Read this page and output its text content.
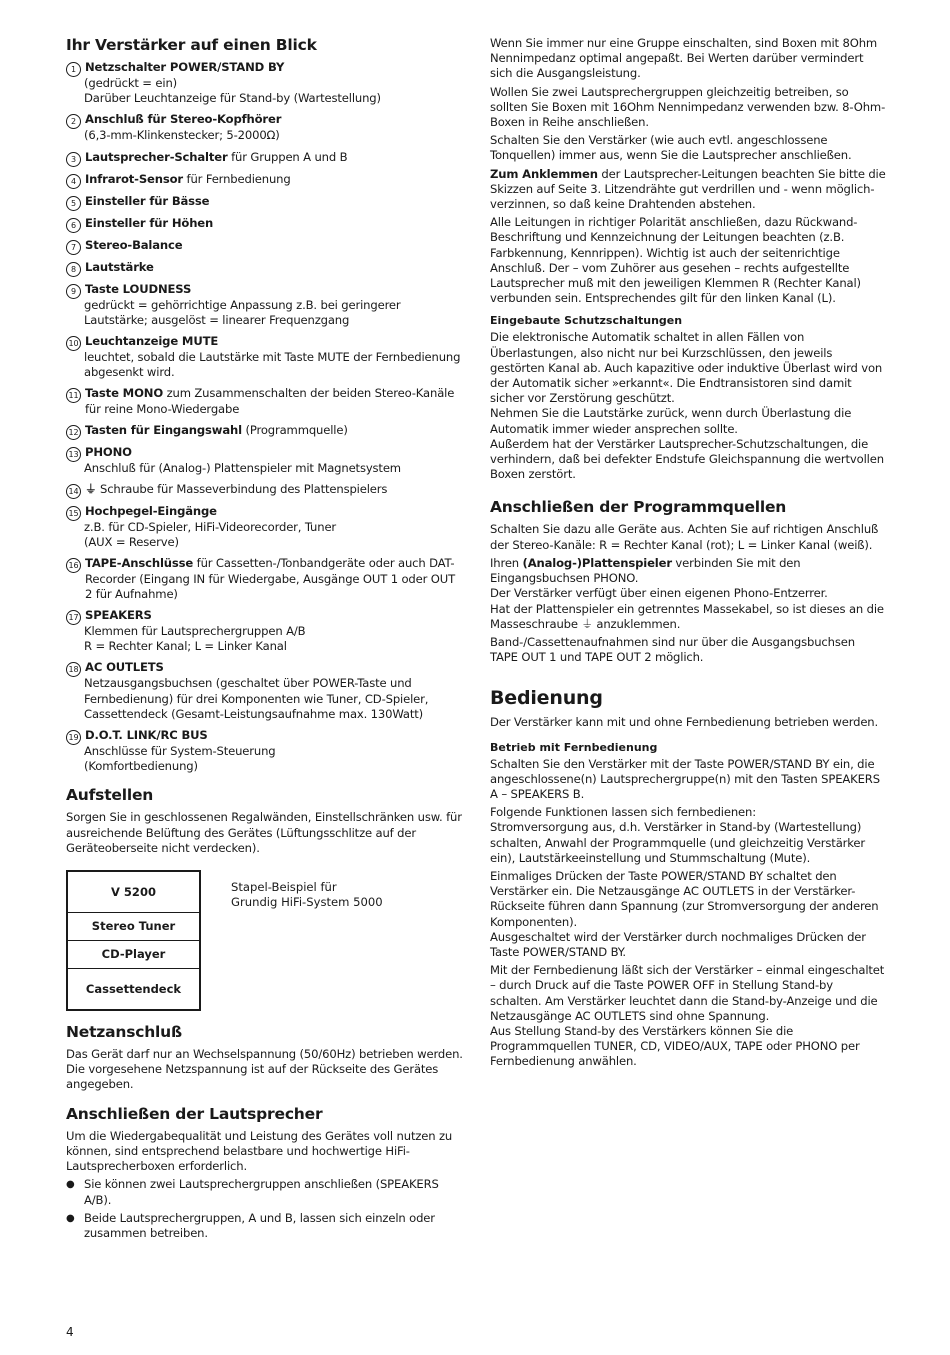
Ihr Verstärker auf einen Blick
1 Netzschalter POWER/STAND BY
(gedrückt = ein)
Darüber Leuchtanzeige für Stand-by (Wartestellung)
2 Anschluß für Stereo-Kopfhörer
(6,3-mm-Klinkenstecker; 5-2000Ω)
3 Lautsprecher-Schalter für Gruppen A und B
4 Infrarot-Sensor für Fernbedienung
5 Einsteller für Bässe
6 Einsteller für Höhen
7 Stereo-Balance
8 Lautstärke
9 Taste LOUDNESS
gedrückt = gehörrichtige Anpassung z.B. bei geringerer Lautstärke; ausgelöst = linearer Frequenzgang
10 Leuchtanzeige MUTE
leuchtet, sobald die Lautstärke mit Taste MUTE der Fernbedienung abgesenkt wird.
11 Taste MONO zum Zusammenschalten der beiden Stereo-Kanäle für reine Mono-Wiedergabe
12 Tasten für Eingangswahl (Programmquelle)
13 PHONO
Anschluß für (Analog-) Plattenspieler mit Magnetsystem
14 ⏚ Schraube für Masseverbindung des Plattenspielers
15 Hochpegel-Eingänge
z.B. für CD-Spieler, HiFi-Videorecorder, Tuner
(AUX = Reserve)
16 TAPE-Anschlüsse für Cassetten-/Tonbandgeräte oder auch DAT-Recorder (Eingang IN für Wiedergabe, Ausgänge OUT 1 oder OUT 2 für Aufnahme)
17 SPEAKERS
Klemmen für Lautsprechergruppen A/B
R = Rechter Kanal; L = Linker Kanal
18 AC OUTLETS
Netzausgangsbuchsen (geschaltet über POWER-Taste und Fernbedienung) für drei Komponenten wie Tuner, CD-Spieler, Cassettendeck (Gesamt-Leistungsaufnahme max. 130Watt)
19 D.O.T. LINK/RC BUS
Anschlüsse für System-Steuerung
(Komfortbedienung)
Aufstellen

Sorgen Sie in geschlossenen Regalwänden, Einstellschränken usw. für ausreichende Belüftung des Gerätes (Lüftungsschlitze auf der Geräteoberseite nicht verdecken).

V 5200
Stereo Tuner
CD-Player
Cassettendeck
Stapel-Beispiel für
Grundig HiFi-System 5000
Netzanschluß

Das Gerät darf nur an Wechselspannung (50/60Hz) betrieben werden. Die vorgesehene Netzspannung ist auf der Rückseite des Gerätes angegeben.

Anschließen der Lautsprecher

Um die Wiedergabequalität und Leistung des Gerätes voll nutzen zu können, sind entsprechend belastbare und hochwertige HiFi-Lautsprecherboxen erforderlich.

● Sie können zwei Lautsprechergruppen anschließen (SPEAKERS A/B).
● Beide Lautsprechergruppen, A und B, lassen sich einzeln oder zusammen betreiben.

Wenn Sie immer nur eine Gruppe einschalten, sind Boxen mit 8Ohm Nennimpedanz optimal angepaßt. Bei Werten darüber vermindert sich die Ausgangsleistung.

Wollen Sie zwei Lautsprechergruppen gleichzeitig betreiben, so sollten Sie Boxen mit 16Ohm Nennimpedanz verwenden bzw. 8-Ohm-Boxen in Reihe anschließen.

Schalten Sie den Verstärker (wie auch evtl. angeschlossene Tonquellen) immer aus, wenn Sie die Lautsprecher anschließen.

Zum Anklemmen der Lautsprecher-Leitungen beachten Sie bitte die Skizzen auf Seite 3. Litzendrähte gut verdrillen und - wenn möglich- verzinnen, so daß keine Drahtenden abstehen.

Alle Leitungen in richtiger Polarität anschließen, dazu Rückwand-Beschriftung und Kennzeichnung der Leitungen beachten (z.B. Farbkennung, Kennrippen). Wichtig ist auch der seitenrichtige Anschluß. Der – vom Zuhörer aus gesehen – rechts aufgestellte Lautsprecher muß mit den jeweiligen Klemmen R (Rechter Kanal) verbunden sein. Entsprechendes gilt für den linken Kanal (L).

Eingebaute Schutzschaltungen

Die elektronische Automatik schaltet in allen Fällen von Überlastungen, also nicht nur bei Kurzschlüssen, den jeweils gestörten Kanal ab. Auch kapazitive oder induktive Überlast wird von der Automatik sicher »erkannt«. Die Endtransistoren sind damit sicher vor Zerstörung geschützt.
Nehmen Sie die Lautstärke zurück, wenn durch Überlastung die Automatik immer wieder ansprechen sollte.
Außerdem hat der Verstärker Lautsprecher-Schutzschaltungen, die verhindern, daß bei defekter Endstufe Gleichspannung die wertvollen Boxen zerstört.

Anschließen der Programmquellen

Schalten Sie dazu alle Geräte aus. Achten Sie auf richtigen Anschluß der Stereo-Kanäle: R = Rechter Kanal (rot); L = Linker Kanal (weiß).

Ihren (Analog-)Plattenspieler verbinden Sie mit den Eingangsbuchsen PHONO.
Der Verstärker verfügt über einen eigenen Phono-Entzerrer.
Hat der Plattenspieler ein getrenntes Massekabel, so ist dieses an die Masseschraube ⏚ anzuklemmen.

Band-/Cassettenaufnahmen sind nur über die Ausgangsbuchsen TAPE OUT 1 und TAPE OUT 2 möglich.

Bedienung

Der Verstärker kann mit und ohne Fernbedienung betrieben werden.

Betrieb mit Fernbedienung

Schalten Sie den Verstärker mit der Taste POWER/STAND BY ein, die angeschlossene(n) Lautsprechergruppe(n) mit den Tasten SPEAKERS A – SPEAKERS B.

Folgende Funktionen lassen sich fernbedienen:
Stromversorgung aus, d.h. Verstärker in Stand-by (Wartestellung) schalten, Anwahl der Programmquelle (und gleichzeitig Verstärker ein), Lautstärkeeinstellung und Stummschaltung (Mute).

Einmaliges Drücken der Taste POWER/STAND BY schaltet den Verstärker ein. Die Netzausgänge AC OUTLETS in der Verstärker-Rückseite führen dann Spannung (zur Stromversorgung der anderen Komponenten).
Ausgeschaltet wird der Verstärker durch nochmaliges Drücken der Taste POWER/STAND BY.

Mit der Fernbedienung läßt sich der Verstärker – einmal eingeschaltet – durch Druck auf die Taste POWER OFF in Stellung Stand-by schalten. Am Verstärker leuchtet dann die Stand-by-Anzeige und die Netzausgänge AC OUTLETS sind ohne Spannung.
Aus Stellung Stand-by des Verstärkers können Sie die Programmquellen TUNER, CD, VIDEO/AUX, TAPE oder PHONO per Fernbedienung anwählen.

4
